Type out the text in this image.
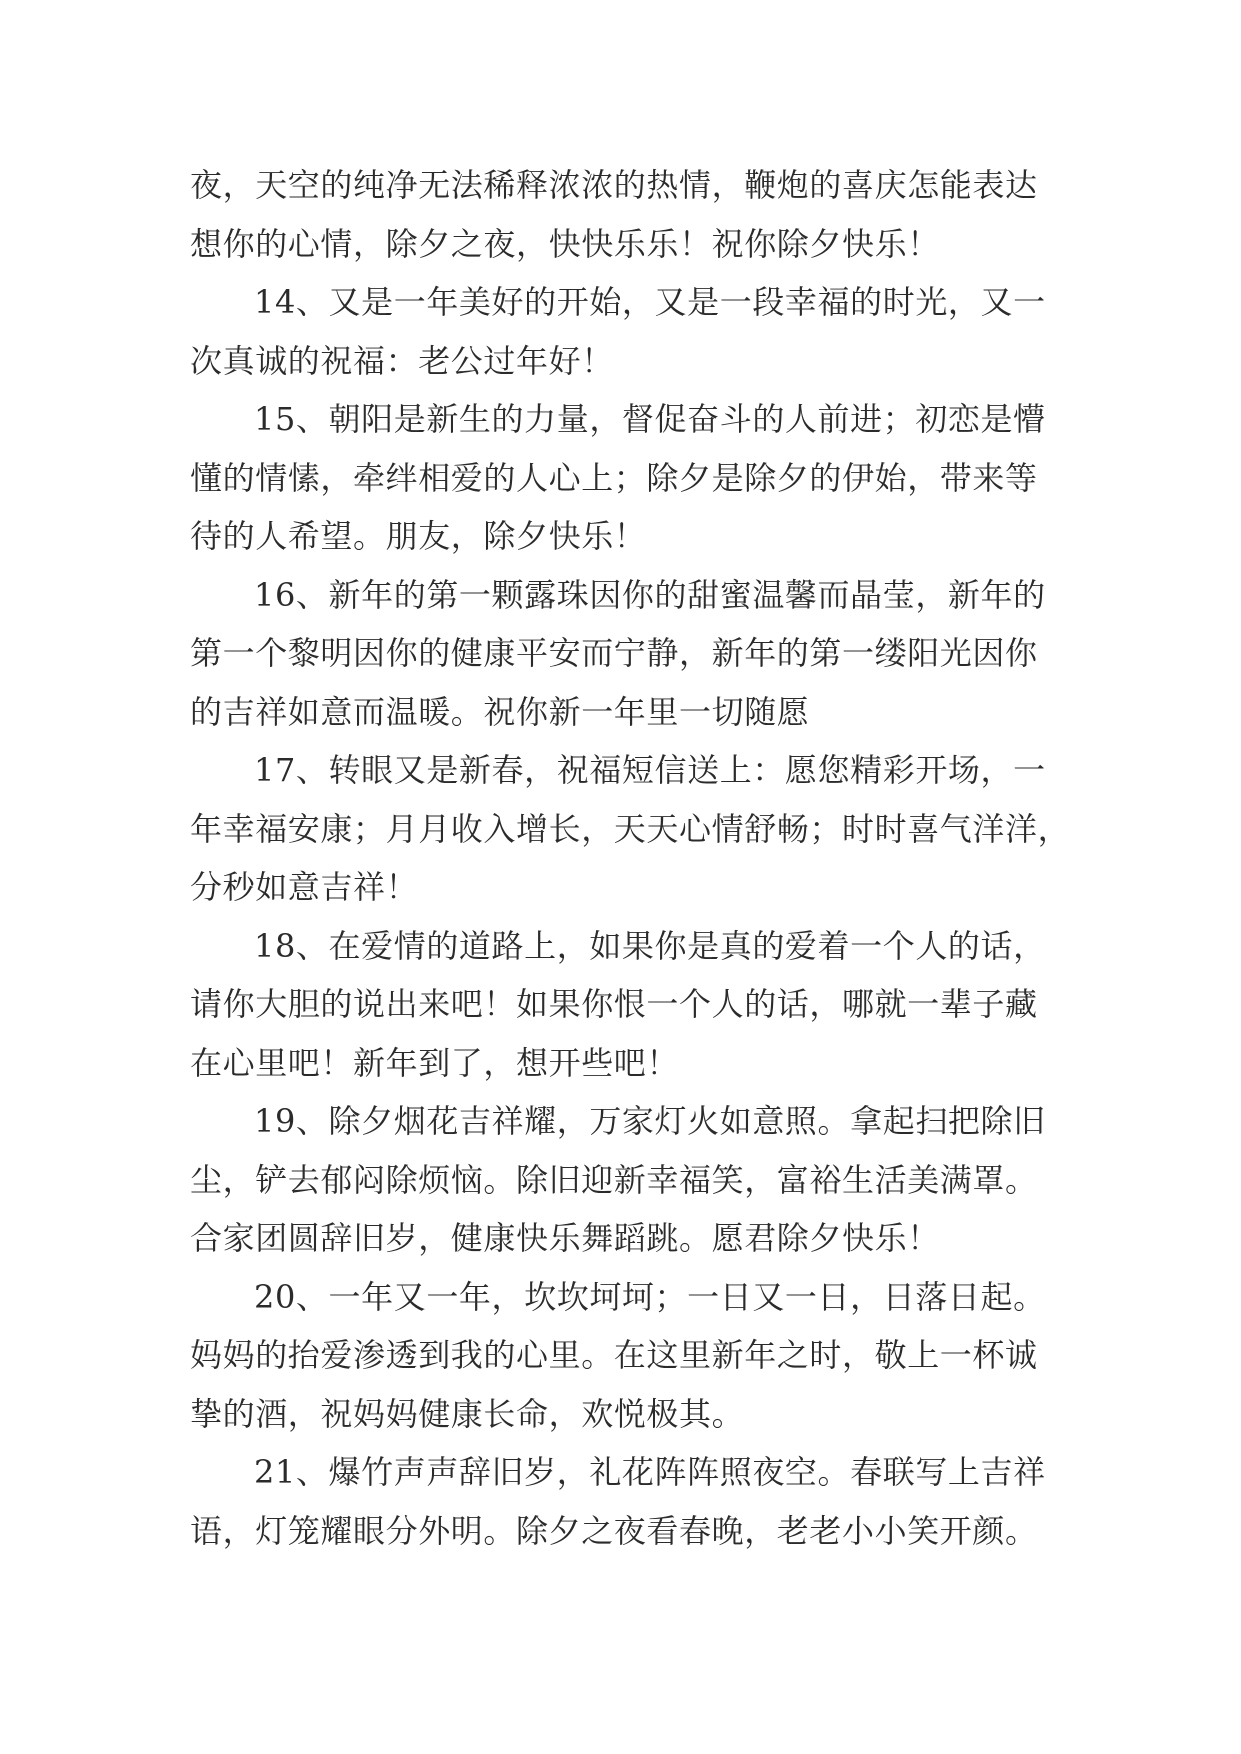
夜，天空的纯净无法稀释浓浓的热情，鞭炮的喜庆怎能表达
想你的心情，除夕之夜，快快乐乐！祝你除夕快乐！
14、又是一年美好的开始，又是一段幸福的时光，又一
次真诚的祝福：老公过年好！
15、朝阳是新生的力量，督促奋斗的人前进；初恋是懵
懂的情愫，牵绊相爱的人心上；除夕是除夕的伊始，带来等
待的人希望。朋友，除夕快乐！
16、新年的第一颗露珠因你的甜蜜温馨而晶莹，新年的
第一个黎明因你的健康平安而宁静，新年的第一缕阳光因你
的吉祥如意而温暖。祝你新一年里一切随愿
17、转眼又是新春，祝福短信送上：愿您精彩开场，一
年幸福安康；月月收入增长，天天心情舒畅；时时喜气洋洋，
分秒如意吉祥！
18、在爱情的道路上，如果你是真的爱着一个人的话，
请你大胆的说出来吧！如果你恨一个人的话，哪就一辈子藏
在心里吧！新年到了，想开些吧！
19、除夕烟花吉祥耀，万家灯火如意照。拿起扫把除旧
尘，铲去郁闷除烦恼。除旧迎新幸福笑，富裕生活美满罩。
合家团圆辞旧岁，健康快乐舞蹈跳。愿君除夕快乐！
20、一年又一年，坎坎坷坷；一日又一日，日落日起。
妈妈的抬爱渗透到我的心里。在这里新年之时，敬上一杯诚
挚的酒，祝妈妈健康长命，欢悦极其。
21、爆竹声声辞旧岁，礼花阵阵照夜空。春联写上吉祥
语，灯笼耀眼分外明。除夕之夜看春晚，老老小小笑开颜。
